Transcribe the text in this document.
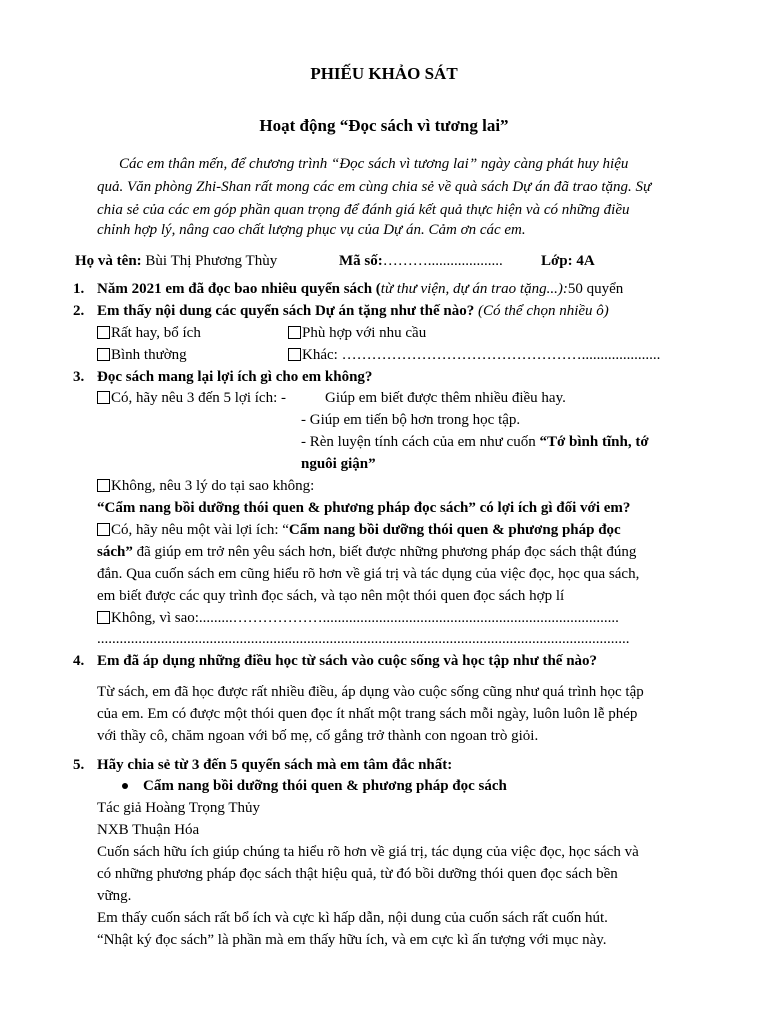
PHIẾU KHẢO SÁT
Hoạt động “Đọc sách vì tương lai”
Các em thân mến, để chương trình “Đọc sách vì tương lai” ngày càng phát huy hiệu
quả. Văn phòng Zhi-Shan rất mong các em cùng chia sẻ về quà sách Dự án đã trao tặng. Sự
chia sẻ của các em góp phần quan trọng để đánh giá kết quả thực hiện và có những điều
chỉnh hợp lý, nâng cao chất lượng phục vụ của Dự án. Cảm ơn các em.
Họ và tên: Bùi Thị Phương Thùy	Mã số:………....................	Lớp: 4A
1. Năm 2021 em đã đọc bao nhiêu quyển sách (từ thư viện, dự án trao tặng...):50 quyển
2. Em thấy nội dung các quyển sách Dự án tặng như thế nào? (Có thể chọn nhiều ô)
Rất hay, bổ ích	Phù hợp với nhu cầu
Bình thường	Khác: ………………………………………….....................
3. Đọc sách mang lại lợi ích gì cho em không?
Có, hãy nêu 3 đến 5 lợi ích: -	Giúp em biết được thêm nhiều điều hay.
- Giúp em tiến bộ hơn trong học tập.
- Rèn luyện tính cách của em như cuốn “Tớ bình tĩnh, tớ
nguôi giận”
Không, nêu 3 lý do tại sao không:
“Cẩm nang bồi dưỡng thói quen & phương pháp đọc sách” có lợi ích gì đối với em?
Có, hãy nêu một vài lợi ích: “Cẩm nang bồi dưỡng thói quen & phương pháp đọc
sách” đã giúp em trở nên yêu sách hơn, biết được những phương pháp đọc sách thật đúng
đắn. Qua cuốn sách em cũng hiểu rõ hơn về giá trị và tác dụng của việc đọc, học qua sách,
em biết được các quy trình đọc sách, và tạo nên một thói quen đọc sách hợp lí
Không, vì sao:.........………………...............................................................................
..............................................................................................................................................
4. Em đã áp dụng những điều học từ sách vào cuộc sống và học tập như thế nào?
Từ sách, em đã học được rất nhiều điều, áp dụng vào cuộc sống cũng như quá trình học tập
của em. Em có được một thói quen đọc ít nhất một trang sách mỗi ngày, luôn luôn lễ phép
với thầy cô, chăm ngoan với bố mẹ, cố gắng trở thành con ngoan trò giỏi.
5. Hãy chia sẻ từ 3 đến 5 quyển sách mà em tâm đắc nhất:
Cẩm nang bồi dưỡng thói quen & phương pháp đọc sách
Tác giả Hoàng Trọng Thủy
NXB Thuận Hóa
Cuốn sách hữu ích giúp chúng ta hiểu rõ hơn về giá trị, tác dụng của việc đọc, học sách và
có những phương pháp đọc sách thật hiệu quả, từ đó bồi dưỡng thói quen đọc sách bền
vững.
Em thấy cuốn sách rất bổ ích và cực kì hấp dẫn, nội dung của cuốn sách rất cuốn hút.
“Nhật ký đọc sách” là phần mà em thấy hữu ích, và em cực kì ấn tượng với mục này.
